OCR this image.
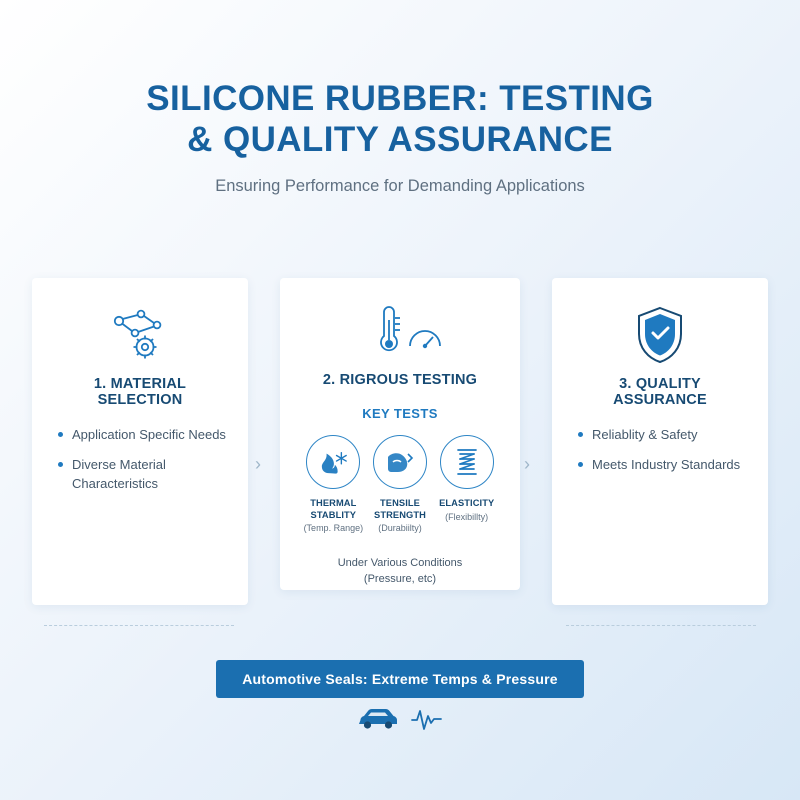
SILICONE RUBBER: TESTING
& QUALITY ASSURANCE
Ensuring Performance for Demanding Applications
1. MATERIAL SELECTION
Application Specific Needs
Diverse Material Characteristics
2. RIGROUS TESTING
KEY TESTS
THERMAL STABLITY
(Temp. Range)
TENSILE STRENGTH
(Durabiilty)
ELASTICITY
(Flexibillty)
Under Various Conditions
(Pressure, etc)
3. QUALITY ASSURANCE
Reliablity & Safety
Meets Industry Standards
›	›
Automotive Seals: Extreme Temps & Pressure
